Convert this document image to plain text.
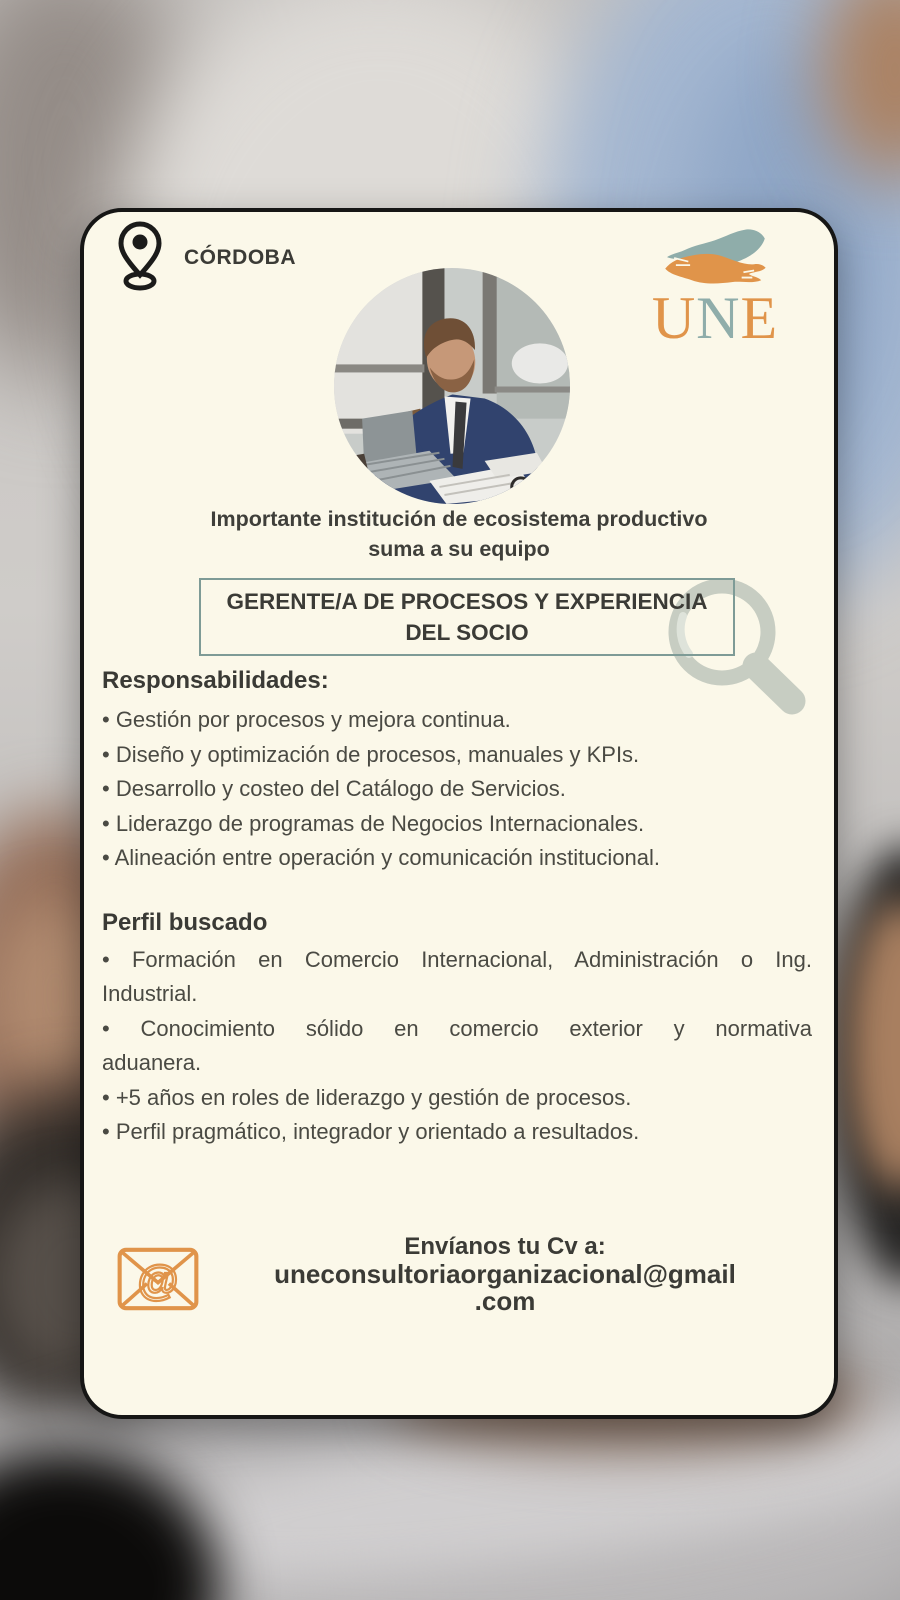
CÓRDOBA
UNE
Importante institución de ecosistema productivo
suma a su equipo
GERENTE/A DE PROCESOS Y EXPERIENCIA DEL SOCIO
Responsabilidades:
• Gestión por procesos y mejora continua.
• Diseño y optimización de procesos, manuales y KPIs.
• Desarrollo y costeo del Catálogo de Servicios.
• Liderazgo de programas de Negocios Internacionales.
• Alineación entre operación y comunicación institucional.
Perfil buscado
• Formación en Comercio Internacional, Administración o Ing.
Industrial.
• Conocimiento sólido en comercio exterior y normativa
aduanera.
• +5 años en roles de liderazgo y gestión de procesos.
• Perfil pragmático, integrador y orientado a resultados.
@
Envíanos tu Cv a:
uneconsultoriaorganizacional@gmail
.com
